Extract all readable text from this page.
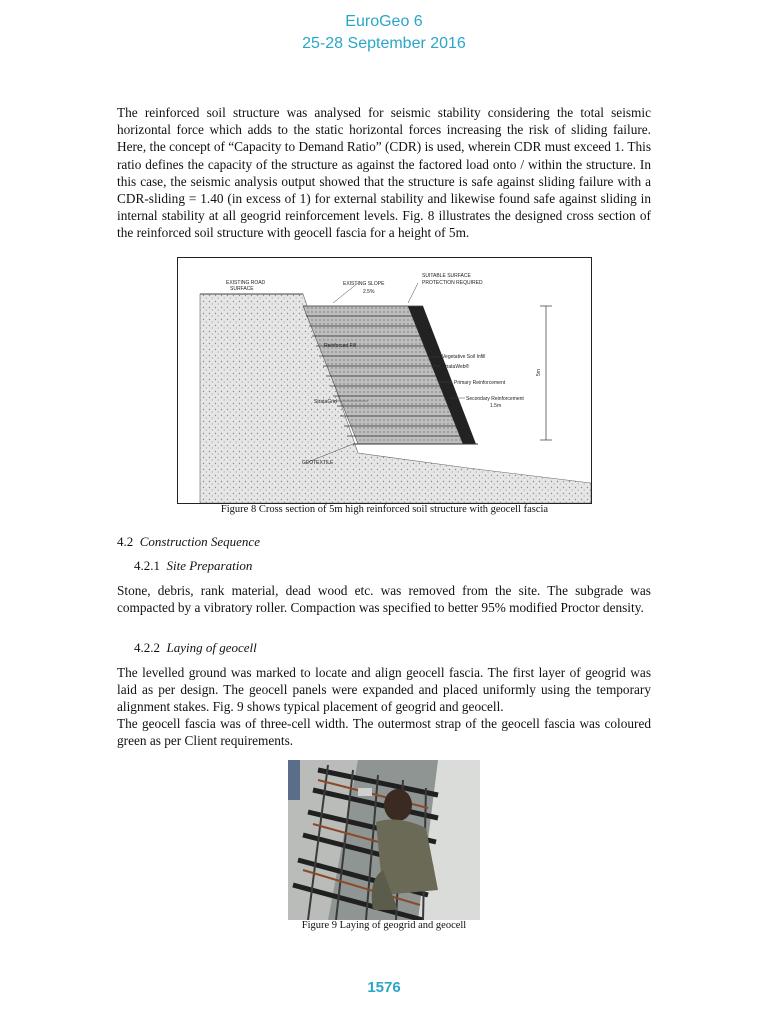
EuroGeo 6
25-28 September 2016

The reinforced soil structure was analysed for seismic stability considering the total seismic horizontal force which adds to the static horizontal forces increasing the risk of sliding failure. Here, the concept of “Capacity to Demand Ratio” (CDR) is used, wherein CDR must exceed 1. This ratio defines the capacity of the structure as against the factored load onto / within the structure. In this case, the seismic analysis output showed that the structure is safe against sliding failure with a CDR-sliding = 1.40 (in excess of 1) for external stability and likewise found safe against sliding in internal stability at all geogrid reinforcement levels. Fig. 8 illustrates the designed cross section of the reinforced soil structure with geocell fascia for a height of 5m.

EXISTING ROAD
SURFACE
EXISTING SLOPE
2.5%
SUITABLE SURFACE
PROTECTION REQUIRED
Reinforced Fill
Vegetative Soil Infill
StrataWeb®
Primary Reinforcement
Secondary Reinforcement
1.5m
StrataGrid
GEOTEXTILE
5m
Figure 8 Cross section of 5m high reinforced soil structure with geocell fascia
4.2 Construction Sequence
4.2.1 Site Preparation

Stone, debris, rank material, dead wood etc. was removed from the site. The subgrade was compacted by a vibratory roller. Compaction was specified to better 95% modified Proctor density.

4.2.2 Laying of geocell

The levelled ground was marked to locate and align geocell fascia. The first layer of geogrid was laid as per design. The geocell panels were expanded and placed uniformly using the temporary alignment stakes. Fig. 9 shows typical placement of geogrid and geocell.

The geocell fascia was of three-cell width. The outermost strap of the geocell fascia was coloured green as per Client requirements.

Figure 9 Laying of geogrid and geocell
1576
